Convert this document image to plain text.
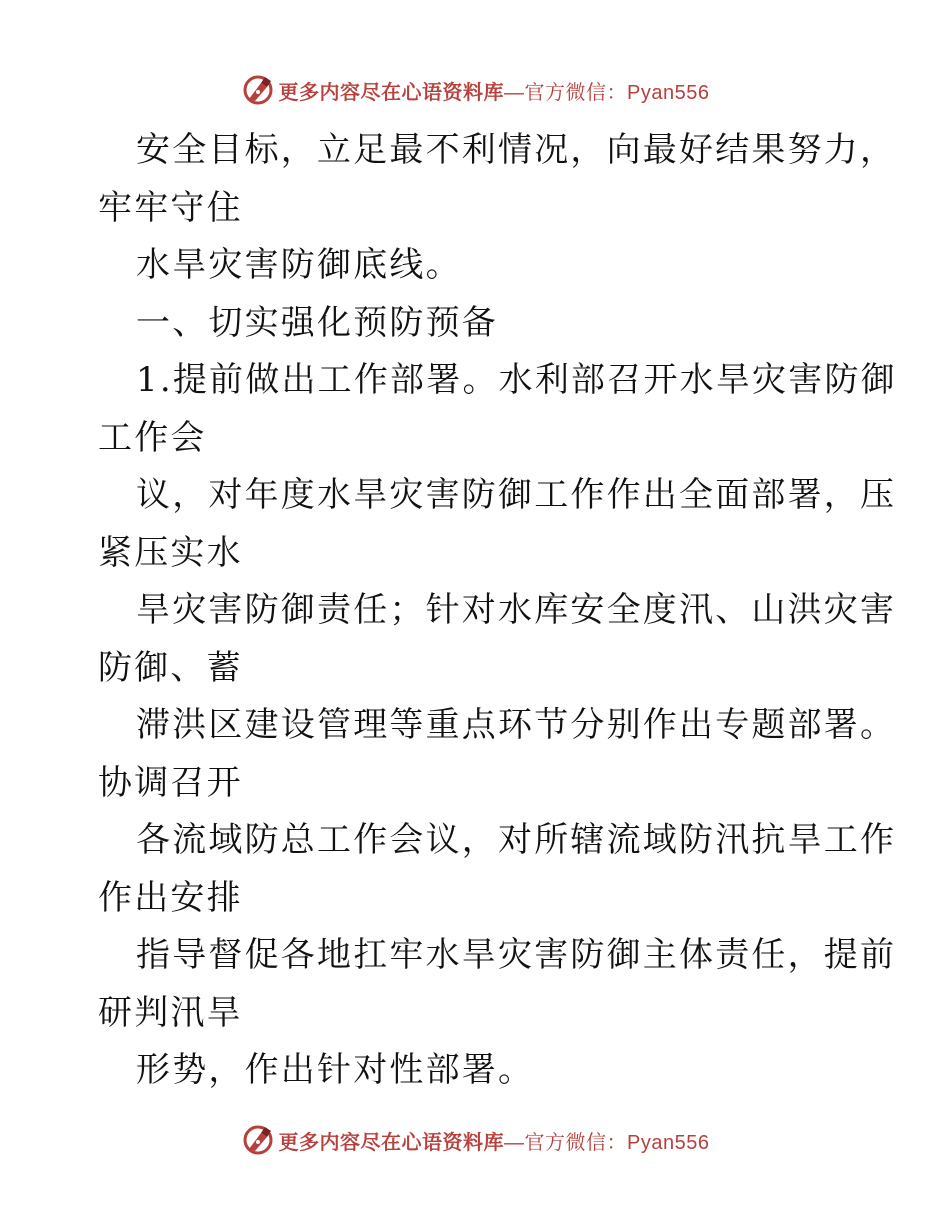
更多内容尽在心语资料库—官方微信：Pyan556
安全目标，立足最不利情况，向最好结果努力，
牢牢守住
水旱灾害防御底线。
一、切实强化预防预备
1.提前做出工作部署。水利部召开水旱灾害防御
工作会
议，对年度水旱灾害防御工作作出全面部署，压
紧压实水
旱灾害防御责任；针对水库安全度汛、山洪灾害
防御、蓄
滞洪区建设管理等重点环节分别作出专题部署。
协调召开
各流域防总工作会议，对所辖流域防汛抗旱工作
作出安排
指导督促各地扛牢水旱灾害防御主体责任，提前
研判汛旱
形势，作出针对性部署。
更多内容尽在心语资料库—官方微信：Pyan556
